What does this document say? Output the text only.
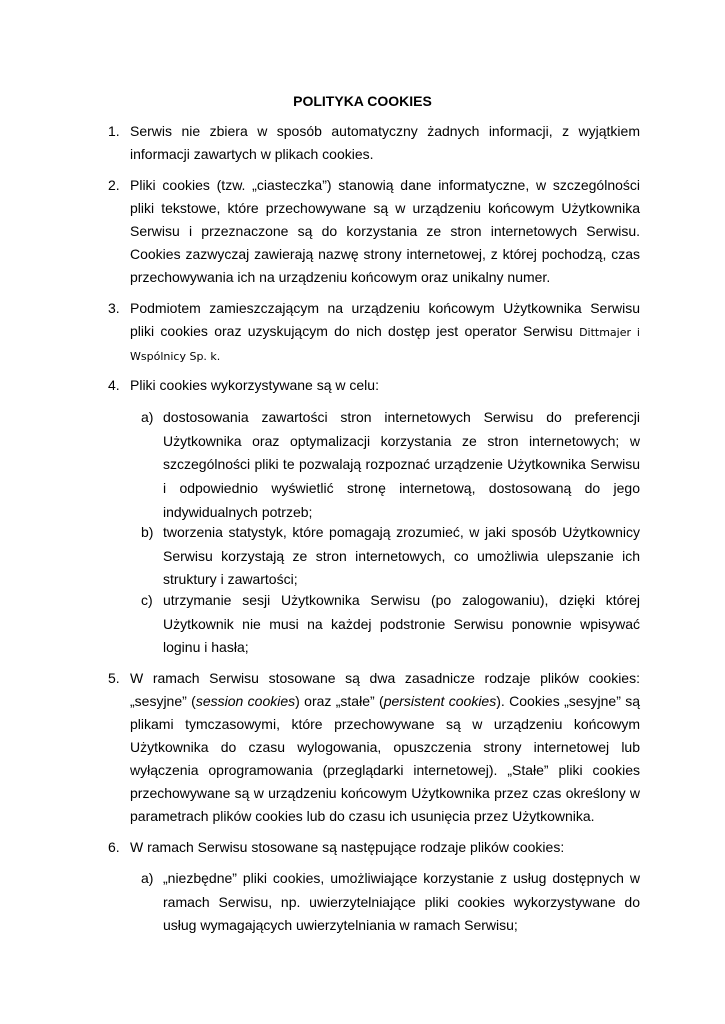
POLITYKA COOKIES
1. Serwis nie zbiera w sposób automatyczny żadnych informacji, z wyjątkiem informacji zawartych w plikach cookies.
2. Pliki cookies (tzw. „ciasteczka”) stanowią dane informatyczne, w szczególności pliki tekstowe, które przechowywane są w urządzeniu końcowym Użytkownika Serwisu i przeznaczone są do korzystania ze stron internetowych Serwisu. Cookies zazwyczaj zawierają nazwę strony internetowej, z której pochodzą, czas przechowywania ich na urządzeniu końcowym oraz unikalny numer.
3. Podmiotem zamieszczającym na urządzeniu końcowym Użytkownika Serwisu pliki cookies oraz uzyskującym do nich dostęp jest operator Serwisu Dittmajer i Wspólnicy Sp. k.
4. Pliki cookies wykorzystywane są w celu:
a) dostosowania zawartości stron internetowych Serwisu do preferencji Użytkownika oraz optymalizacji korzystania ze stron internetowych; w szczególności pliki te pozwalają rozpoznać urządzenie Użytkownika Serwisu i odpowiednio wyświetlić stronę internetową, dostosowaną do jego indywidualnych potrzeb;
b) tworzenia statystyk, które pomagają zrozumieć, w jaki sposób Użytkownicy Serwisu korzystają ze stron internetowych, co umożliwia ulepszanie ich struktury i zawartości;
c) utrzymanie sesji Użytkownika Serwisu (po zalogowaniu), dzięki której Użytkownik nie musi na każdej podstronie Serwisu ponownie wpisywać loginu i hasła;
5. W ramach Serwisu stosowane są dwa zasadnicze rodzaje plików cookies: „sesyjne” (session cookies) oraz „stałe” (persistent cookies). Cookies „sesyjne” są plikami tymczasowymi, które przechowywane są w urządzeniu końcowym Użytkownika do czasu wylogowania, opuszczenia strony internetowej lub wyłączenia oprogramowania (przeglądarki internetowej). „Stałe” pliki cookies przechowywane są w urządzeniu końcowym Użytkownika przez czas określony w parametrach plików cookies lub do czasu ich usunięcia przez Użytkownika.
6. W ramach Serwisu stosowane są następujące rodzaje plików cookies:
a) „niezbędne” pliki cookies, umożliwiające korzystanie z usług dostępnych w ramach Serwisu, np. uwierzytelniające pliki cookies wykorzystywane do usług wymagających uwierzytelniania w ramach Serwisu;
